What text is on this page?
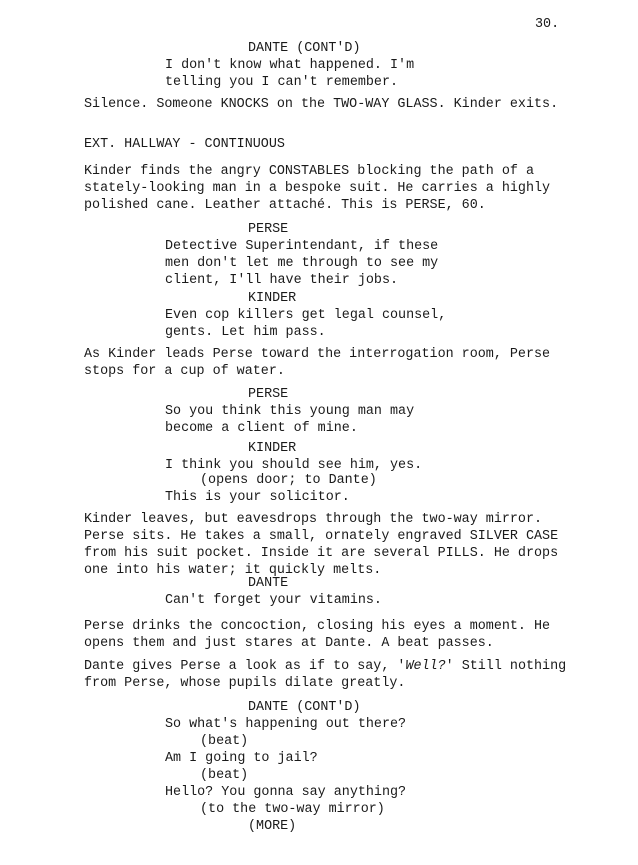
30.
DANTE (CONT'D)
I don't know what happened. I'm
telling you I can't remember.
Silence. Someone KNOCKS on the TWO-WAY GLASS. Kinder exits.
EXT. HALLWAY - CONTINUOUS
Kinder finds the angry CONSTABLES blocking the path of a
stately-looking man in a bespoke suit. He carries a highly
polished cane. Leather attaché. This is PERSE, 60.
PERSE
Detective Superintendant, if these
men don't let me through to see my
client, I'll have their jobs.
KINDER
Even cop killers get legal counsel,
gents. Let him pass.
As Kinder leads Perse toward the interrogation room, Perse
stops for a cup of water.
PERSE
So you think this young man may
become a client of mine.
KINDER
I think you should see him, yes.
(opens door; to Dante)
This is your solicitor.
Kinder leaves, but eavesdrops through the two-way mirror.
Perse sits. He takes a small, ornately engraved SILVER CASE
from his suit pocket. Inside it are several PILLS. He drops
one into his water; it quickly melts.
DANTE
Can't forget your vitamins.
Perse drinks the concoction, closing his eyes a moment. He
opens them and just stares at Dante. A beat passes.
Dante gives Perse a look as if to say, 'Well?' Still nothing
from Perse, whose pupils dilate greatly.
DANTE (CONT'D)
So what's happening out there?
(beat)
Am I going to jail?
(beat)
Hello? You gonna say anything?
(to the two-way mirror)
(MORE)
